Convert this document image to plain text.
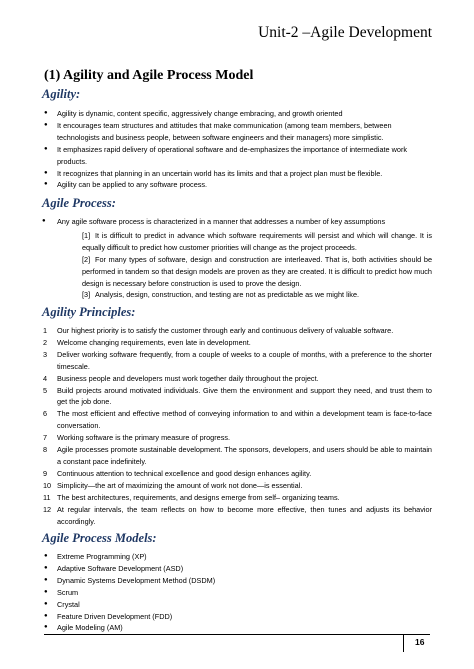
Unit-2 –Agile Development
(1) Agility and Agile Process Model
Agility:
● Agility is dynamic, content specific, aggressively change embracing, and growth oriented
● It encourages team structures and attitudes that make communication (among team members, between technologists and business people, between software engineers and their managers) more simplistic.
● It emphasizes rapid delivery of operational software and de-emphasizes the importance of intermediate work products.
● It recognizes that planning in an uncertain world has its limits and that a project plan must be flexible.
● Agility can be applied to any software process.
Agile Process:
● Any agile software process is characterized in a manner that addresses a number of key assumptions
[1] It is difficult to predict in advance which software requirements will persist and which will change. It is equally difficult to predict how customer priorities will change as the project proceeds.
[2] For many types of software, design and construction are interleaved. That is, both activities should be performed in tandem so that design models are proven as they are created. It is difficult to predict how much design is necessary before construction is used to prove the design.
[3] Analysis, design, construction, and testing are not as predictable as we might like.
Agility Principles:
1 Our highest priority is to satisfy the customer through early and continuous delivery of valuable software.
2 Welcome changing requirements, even late in development.
3 Deliver working software frequently, from a couple of weeks to a couple of months, with a preference to the shorter timescale.
4 Business people and developers must work together daily throughout the project.
5 Build projects around motivated individuals. Give them the environment and support they need, and trust them to get the job done.
6 The most efficient and effective method of conveying information to and within a development team is face-to-face conversation.
7 Working software is the primary measure of progress.
8 Agile processes promote sustainable development. The sponsors, developers, and users should be able to maintain a constant pace indefinitely.
9 Continuous attention to technical excellence and good design enhances agility.
10 Simplicity—the art of maximizing the amount of work not done—is essential.
11 The best architectures, requirements, and designs emerge from self– organizing teams.
12 At regular intervals, the team reflects on how to become more effective, then tunes and adjusts its behavior accordingly.
Agile Process Models:
● Extreme Programming (XP)
● Adaptive Software Development (ASD)
● Dynamic Systems Development Method (DSDM)
● Scrum
● Crystal
● Feature Driven Development (FDD)
● Agile Modeling (AM)
16
